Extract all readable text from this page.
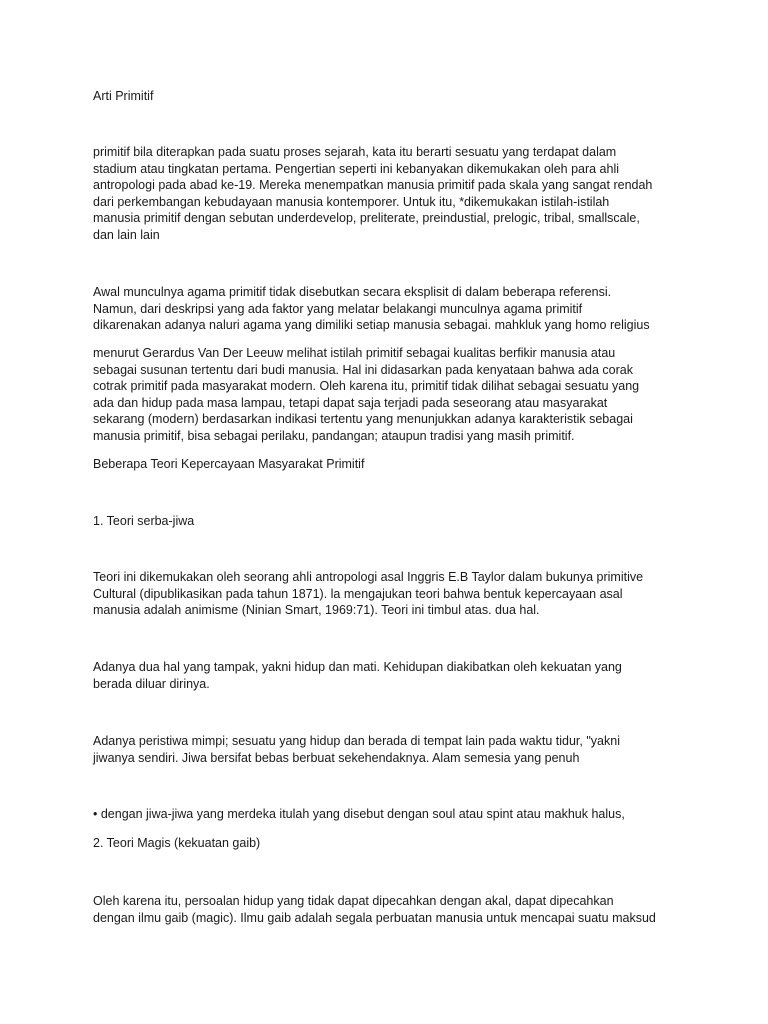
Arti Primitif
primitif bila diterapkan pada suatu proses sejarah, kata itu berarti sesuatu yang terdapat dalam
stadium atau tingkatan pertama. Pengertian seperti ini kebanyakan dikemukakan oleh para ahli
antropologi pada abad ke-19. Mereka menempatkan manusia primitif pada skala yang sangat rendah
dari perkembangan kebudayaan manusia kontemporer. Untuk itu, *dikemukakan istilah-istilah
manusia primitif dengan sebutan underdevelop, preliterate, preindustial, prelogic, tribal, smallscale,
dan lain lain
Awal munculnya agama primitif tidak disebutkan secara eksplisit di dalam beberapa referensi.
Namun, dari deskripsi yang ada faktor yang melatar belakangi munculnya agama primitif
dikarenakan adanya naluri agama yang dimiliki setiap manusia sebagai. mahkluk yang homo religius
menurut Gerardus Van Der Leeuw melihat istilah primitif sebagai kualitas berfikir manusia atau
sebagai susunan tertentu dari budi manusia. Hal ini didasarkan pada kenyataan bahwa ada corak
cotrak primitif pada masyarakat modern. Oleh karena itu, primitif tidak dilihat sebagai sesuatu yang
ada dan hidup pada masa lampau, tetapi dapat saja terjadi pada seseorang atau masyarakat
sekarang (modern) berdasarkan indikasi tertentu yang menunjukkan adanya karakteristik sebagai
manusia primitif, bisa sebagai perilaku, pandangan; ataupun tradisi yang masih primitif.
Beberapa Teori Kepercayaan Masyarakat Primitif
1. Teori serba-jiwa
Teori ini dikemukakan oleh seorang ahli antropologi asal Inggris E.B Taylor dalam bukunya primitive
Cultural (dipublikasikan pada tahun 1871). la mengajukan teori bahwa bentuk kepercayaan asal
manusia adalah animisme (Ninian Smart, 1969:71). Teori ini timbul atas. dua hal.
Adanya dua hal yang tampak, yakni hidup dan mati. Kehidupan diakibatkan oleh kekuatan yang
berada diluar dirinya.
Adanya peristiwa mimpi; sesuatu yang hidup dan berada di tempat lain pada waktu tidur, "yakni
jiwanya sendiri. Jiwa bersifat bebas berbuat sekehendaknya. Alam semesia yang penuh
• dengan jiwa-jiwa yang merdeka itulah yang disebut dengan soul atau spint atau makhuk halus,
2. Teori Magis (kekuatan gaib)
Oleh karena itu, persoalan hidup yang tidak dapat dipecahkan dengan akal, dapat dipecahkan
dengan ilmu gaib (magic). Ilmu gaib adalah segala perbuatan manusia untuk mencapai suatu maksud
